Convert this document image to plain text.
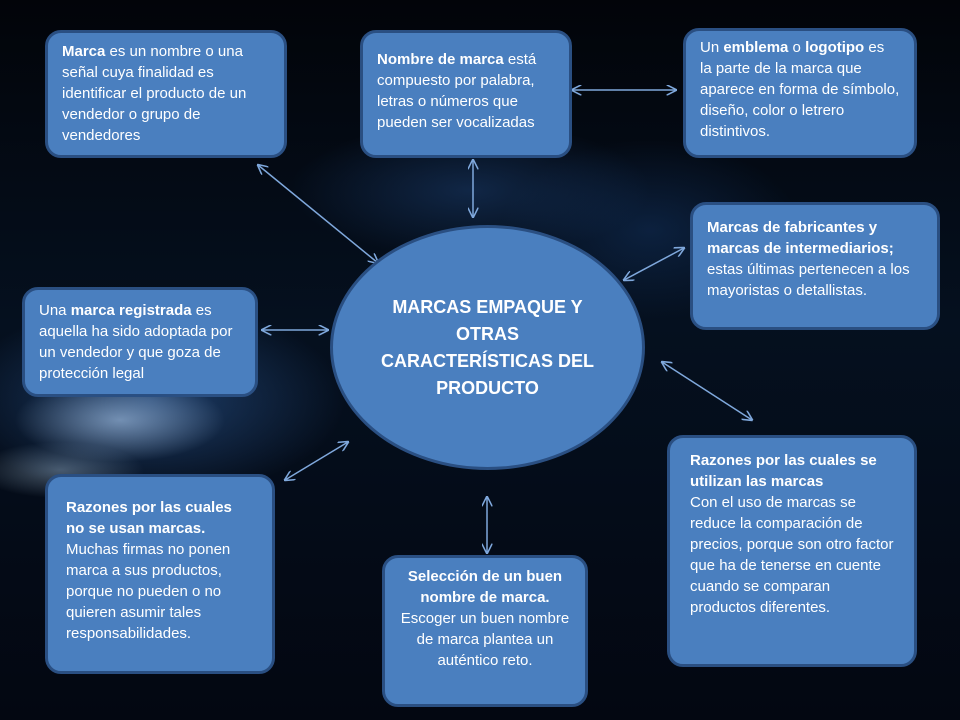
MARCAS EMPAQUE Y OTRAS CARACTERÍSTICAS DEL PRODUCTO
Marca es un nombre o una señal cuya finalidad es identificar el producto de un vendedor o grupo de vendedores
Nombre de marca está compuesto por palabra, letras o números que pueden ser vocalizadas
Un emblema o logotipo es la parte de la marca que aparece en forma de símbolo, diseño, color o letrero distintivos.
Marcas de fabricantes y marcas de intermediarios; estas últimas pertenecen a los mayoristas o detallistas.
Una marca registrada es aquella ha sido adoptada por un vendedor y que goza de protección legal
Razones por las cuales no se usan marcas.
Muchas firmas no ponen marca a sus productos, porque no pueden o no quieren asumir tales responsabilidades.
Selección de un buen nombre de marca.
Escoger un buen nombre de marca plantea un auténtico reto.
Razones por las cuales se utilizan las marcas
Con el uso de marcas se reduce la comparación de precios, porque son otro factor que ha de tenerse en cuente cuando se comparan productos diferentes.
